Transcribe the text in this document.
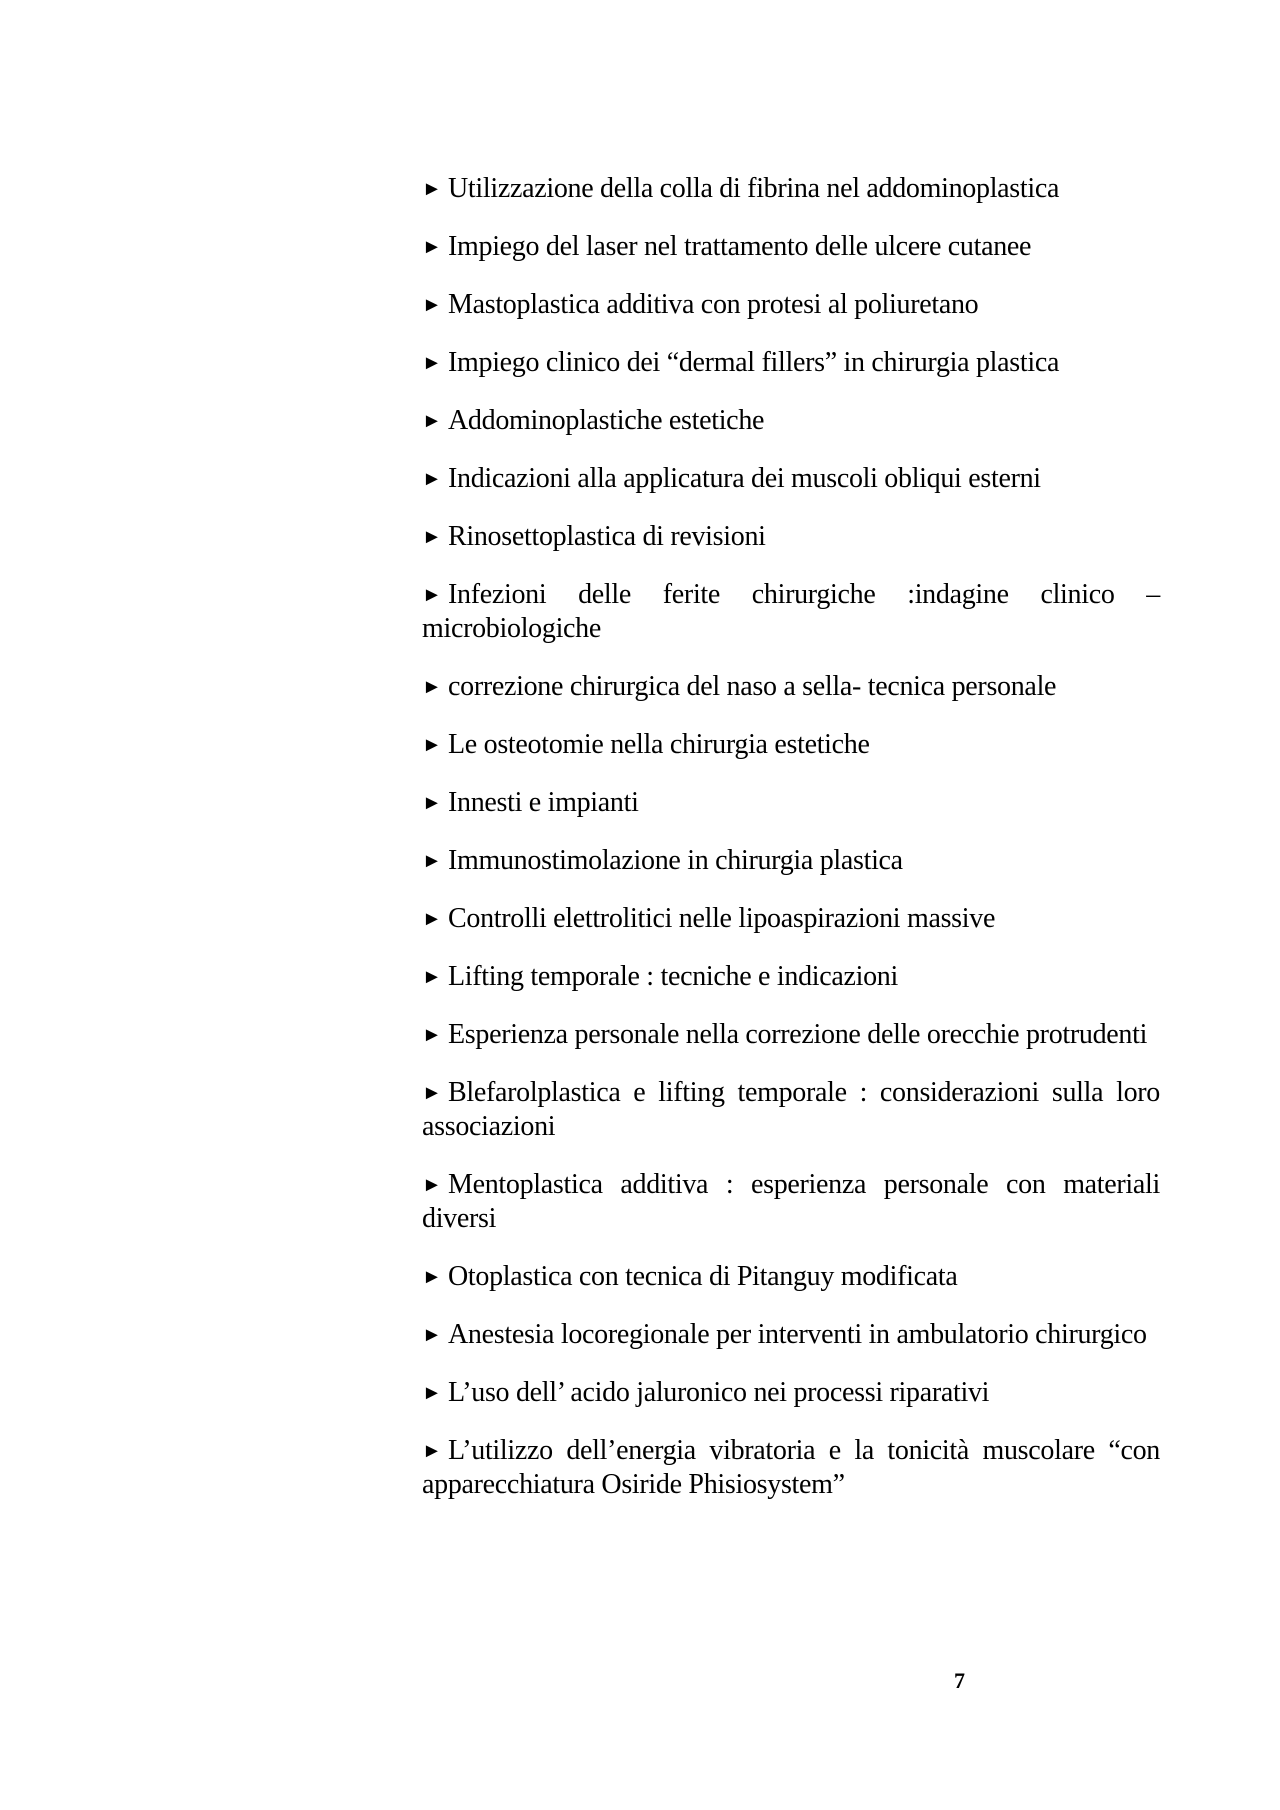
► Utilizzazione della colla di fibrina nel addominoplastica
► Impiego del laser nel trattamento delle ulcere cutanee
► Mastoplastica additiva con protesi al poliuretano
► Impiego clinico dei “dermal fillers” in chirurgia plastica
► Addominoplastiche estetiche
► Indicazioni alla applicatura dei muscoli obliqui esterni
► Rinosettoplastica di revisioni
► Infezioni delle ferite chirurgiche :indagine clinico – microbiologiche
► correzione chirurgica del naso a sella- tecnica personale
► Le osteotomie nella chirurgia estetiche
► Innesti e impianti
► Immunostimolazione in chirurgia plastica
► Controlli elettrolitici nelle lipoaspirazioni massive
► Lifting temporale : tecniche e indicazioni
► Esperienza personale nella correzione delle orecchie protrudenti
► Blefarolplastica e lifting temporale : considerazioni sulla loro associazioni
► Mentoplastica additiva : esperienza personale con materiali diversi
► Otoplastica con tecnica di Pitanguy modificata
► Anestesia locoregionale per interventi in ambulatorio chirurgico
► L’uso dell’ acido jaluronico nei processi riparativi
► L’utilizzo dell’energia vibratoria e la tonicità muscolare “con apparecchiatura Osiride Phisiosystem”
7
